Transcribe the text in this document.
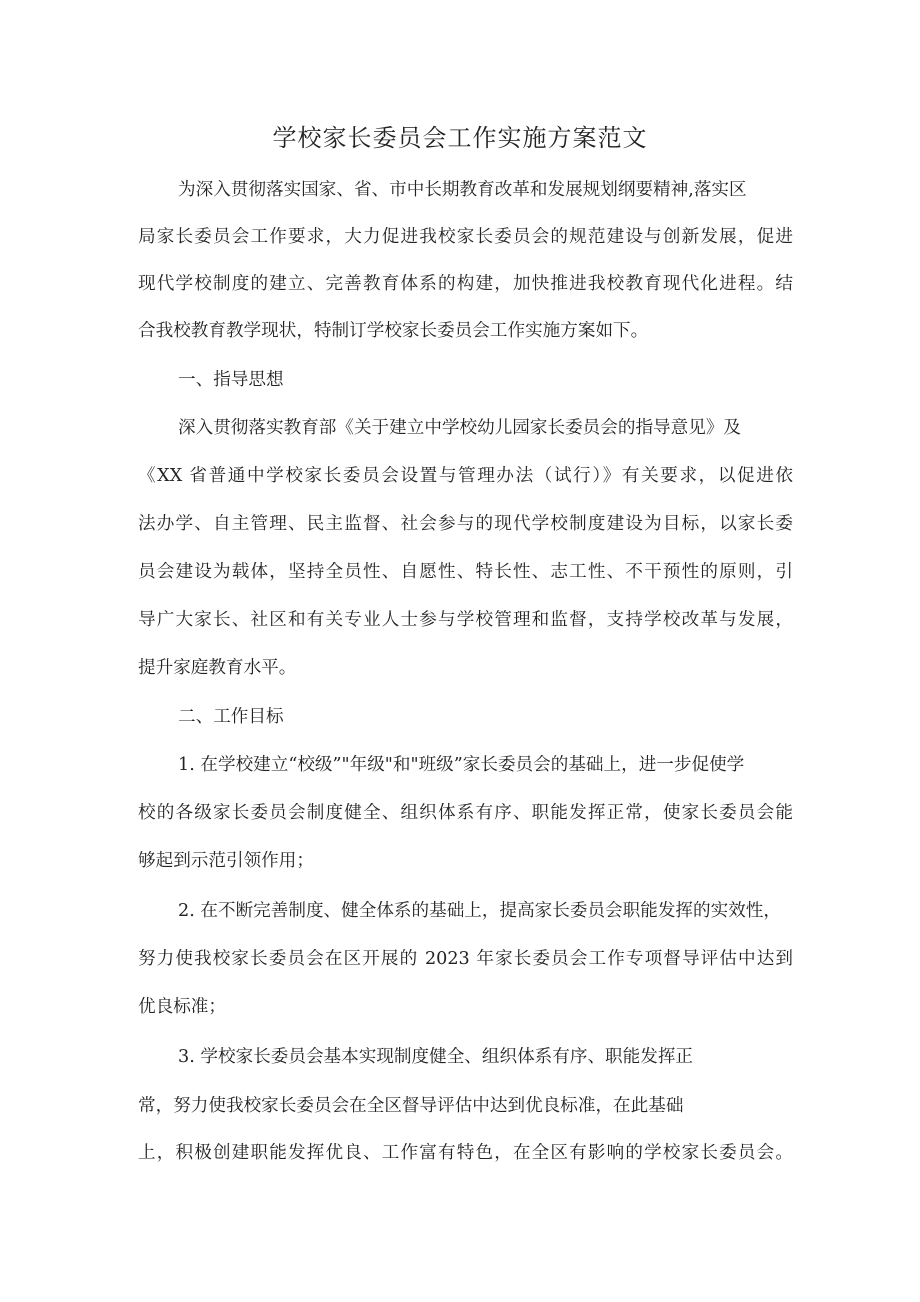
学校家长委员会工作实施方案范文

为深入贯彻落实国家、省、市中长期教育改革和发展规划纲要精神,落实区

局家长委员会工作要求，大力促进我校家长委员会的规范建设与创新发展，促进

现代学校制度的建立、完善教育体系的构建，加快推进我校教育现代化进程。结

合我校教育教学现状，特制订学校家长委员会工作实施方案如下。

一、指导思想

深入贯彻落实教育部《关于建立中学校幼儿园家长委员会的指导意见》及

《XX 省普通中学校家长委员会设置与管理办法（试行）》有关要求，以促进依

法办学、自主管理、民主监督、社会参与的现代学校制度建设为目标，以家长委

员会建设为载体，坚持全员性、自愿性、特长性、志工性、不干预性的原则，引

导广大家长、社区和有关专业人士参与学校管理和监督，支持学校改革与发展，

提升家庭教育水平。

二、工作目标

1. 在学校建立“校级”"年级"和"班级”家长委员会的基础上，进一步促使学

校的各级家长委员会制度健全、组织体系有序、职能发挥正常，使家长委员会能

够起到示范引领作用；

2. 在不断完善制度、健全体系的基础上，提高家长委员会职能发挥的实效性，

努力使我校家长委员会在区开展的 2023 年家长委员会工作专项督导评估中达到

优良标准；

3. 学校家长委员会基本实现制度健全、组织体系有序、职能发挥正

常，努力使我校家长委员会在全区督导评估中达到优良标准，在此基础

上，积极创建职能发挥优良、工作富有特色，在全区有影响的学校家长委员会。
